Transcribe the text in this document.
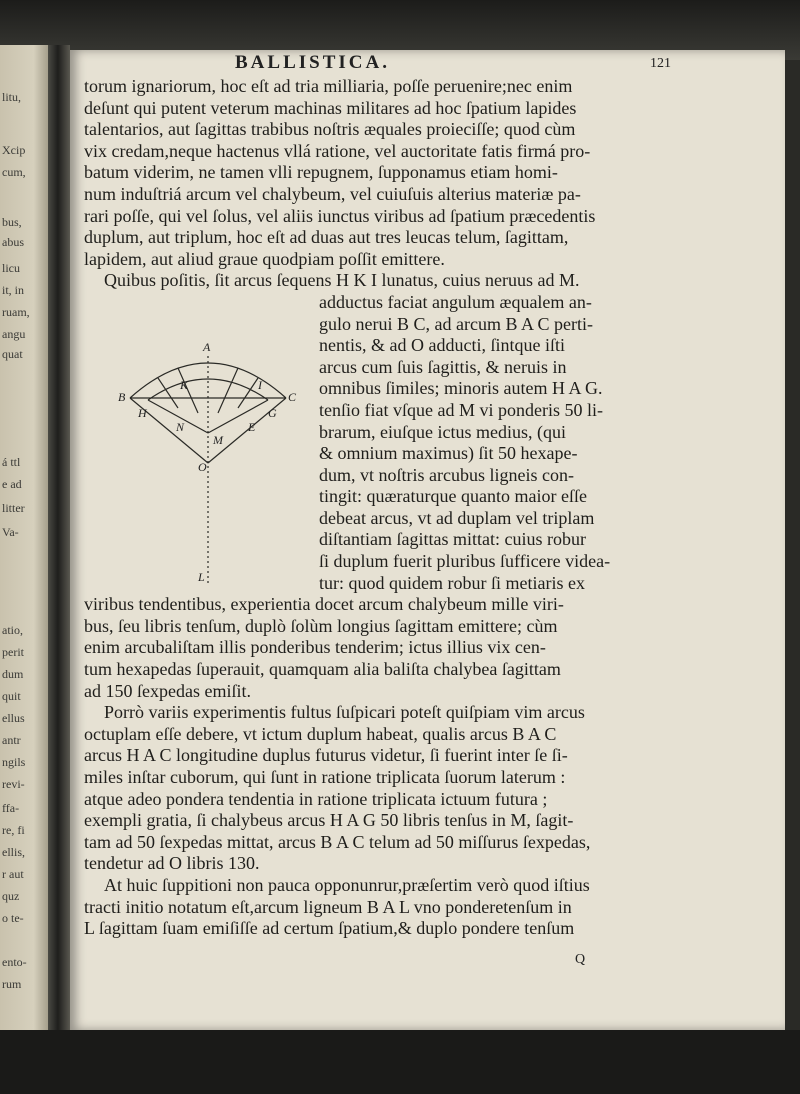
litu,
Xcip
cum,
bus,
abus
licu
it, in
ruam,
angu
quat
á ttl
e ad
litter
Va-
atio,
perit
dum
quit
ellus
antr
ngils
revi-
ffa-
re, fi
ellis,
r aut
quz
o te-
ento-
rum
BALLISTICA.	121
torum ignariorum, hoc eſt ad tria milliaria, poſſe peruenire;nec enim
deſunt qui putent veterum machinas militares ad hoc ſpatium lapides
talentarios, aut ſagittas trabibus noſtris æquales proieciſſe; quod cùm
vix credam,neque hactenus vllá ratione, vel auctoritate fatis firmá pro-
batum viderim, ne tamen vlli repugnem, ſupponamus etiam homi-
num induſtriá arcum vel chalybeum, vel cuiuſuis alterius materiæ pa-
rari poſſe, qui vel ſolus, vel aliis iunctus viribus ad ſpatium præcedentis
duplum, aut triplum, hoc eſt ad duas aut tres leucas telum, ſagittam,
lapidem, aut aliud graue quodpiam poſſit emittere.
Quibus poſitis, ſit arcus ſequens H K I lunatus, cuius neruus ad M.
adductus faciat angulum æqualem an-
gulo nerui B C, ad arcum B A C perti-
nentis, & ad O adducti, ſintque iſti
arcus cum ſuis ſagittis, & neruis in
omnibus ſimiles; minoris autem H A G.
tenſio fiat vſque ad M vi ponderis 50 li-
brarum, eiuſque ictus medius, (qui
& omnium maximus) ſit 50 hexape-
dum, vt noſtris arcubus ligneis con-
tingit: quæraturque quanto maior eſſe
debeat arcus, vt ad duplam vel triplam
diſtantiam ſagittas mittat: cuius robur
ſi duplum fuerit pluribus ſufficere videa-
tur: quod quidem robur ſi metiaris ex
viribus tendentibus, experientia docet arcum chalybeum mille viri-
bus, ſeu libris tenſum, duplò ſolùm longius ſagittam emittere; cùm
enim arcubaliſtam illis ponderibus tenderim; ictus illius vix cen-
tum hexapedas ſuperauit, quamquam alia baliſta chalybea ſagittam
ad 150 ſexpedas emiſit.
Porrò variis experimentis fultus ſuſpicari poteſt quiſpiam vim arcus
octuplam eſſe debere, vt ictum duplum habeat, qualis arcus B A C
arcus H A C longitudine duplus futurus videtur, ſi fuerint inter ſe ſi-
miles inſtar cuborum, qui ſunt in ratione triplicata ſuorum laterum :
atque adeo pondera tendentia in ratione triplicata ictuum futura ;
exempli gratia, ſi chalybeus arcus H A G 50 libris tenſus in M, ſagit-
tam ad 50 ſexpedas mittat, arcus B A C telum ad 50 miſſurus ſexpedas,
tendetur ad O libris 130.
At huic ſuppitioni non pauca opponunrur,præſertim verò quod iſtius
tracti initio notatum eſt,arcum ligneum B A L vno ponderetenſum in
L ſagittam ſuam emiſiſſe ad certum ſpatium,& duplo pondere tenſum
A
B	C
K	I
H
N	E
G
O
L
M
Q
